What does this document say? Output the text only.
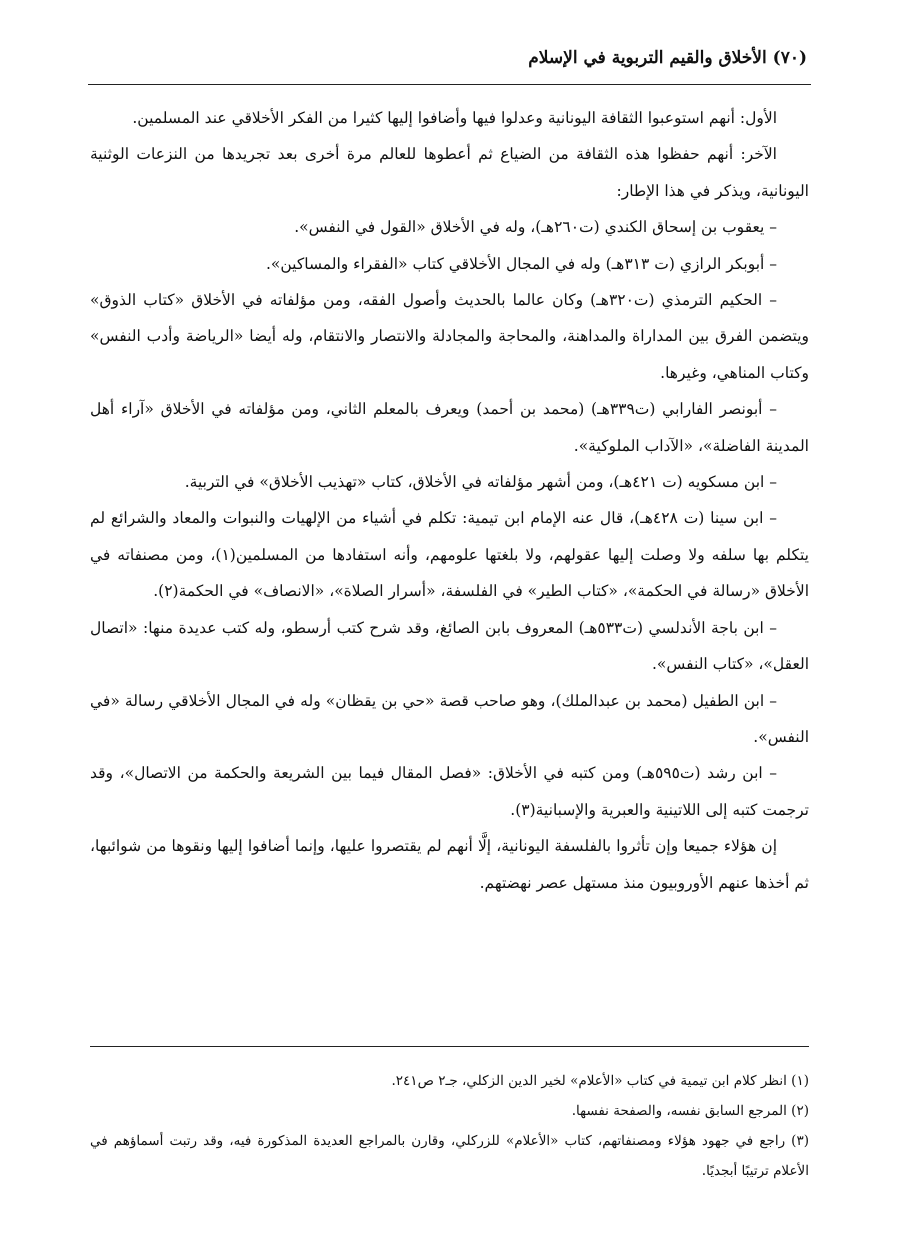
(٧٠) الأخلاق والقيم التربوية في الإسلام

الأول: أنهم استوعبوا الثقافة اليونانية وعدلوا فيها وأضافوا إليها كثيرا من الفكر الأخلاقي عند المسلمين.

الآخر: أنهم حفظوا هذه الثقافة من الضياع ثم أعطوها للعالم مرة أخرى بعد تجريدها من النزعات الوثنية اليونانية، ويذكر في هذا الإطار:

– يعقوب بن إسحاق الكندي (ت٢٦٠هـ)، وله في الأخلاق «القول في النفس».

– أبوبكر الرازي (ت ٣١٣هـ) وله في المجال الأخلاقي كتاب «الفقراء والمساكين».

– الحكيم الترمذي (ت٣٢٠هـ) وكان عالما بالحديث وأصول الفقه، ومن مؤلفاته في الأخلاق «كتاب الذوق» ويتضمن الفرق بين المداراة والمداهنة، والمحاجة والمجادلة والانتصار والانتقام، وله أيضا «الرياضة وأدب النفس» وكتاب المناهي، وغيرها.

– أبونصر الفارابي (ت٣٣٩هـ) (محمد بن أحمد) ويعرف بالمعلم الثاني، ومن مؤلفاته في الأخلاق «آراء أهل المدينة الفاضلة»، «الآداب الملوكية».

– ابن مسكويه (ت ٤٢١هـ)، ومن أشهر مؤلفاته في الأخلاق، كتاب «تهذيب الأخلاق» في التربية.

– ابن سينا (ت ٤٢٨هـ)، قال عنه الإمام ابن تيمية: تكلم في أشياء من الإلهيات والنبوات والمعاد والشرائع لم يتكلم بها سلفه ولا وصلت إليها عقولهم، ولا بلغتها علومهم، وأنه استفادها من المسلمين(١)، ومن مصنفاته في الأخلاق «رسالة في الحكمة»، «كتاب الطير» في الفلسفة، «أسرار الصلاة»، «الانصاف» في الحكمة(٢).

– ابن باجة الأندلسي (ت٥٣٣هـ) المعروف بابن الصائغ، وقد شرح كتب أرسطو، وله كتب عديدة منها: «اتصال العقل»، «كتاب النفس».

– ابن الطفيل (محمد بن عبدالملك)، وهو صاحب قصة «حي بن يقظان» وله في المجال الأخلاقي رسالة «في النفس».

– ابن رشد (ت٥٩٥هـ) ومن كتبه في الأخلاق: «فصل المقال فيما بين الشريعة والحكمة من الاتصال»، وقد ترجمت كتبه إلى اللاتينية والعبرية والإسبانية(٣).

إن هؤلاء جميعا وإن تأثروا بالفلسفة اليونانية، إلَّا أنهم لم يقتصروا عليها، وإنما أضافوا إليها ونقوها من شوائبها، ثم أخذها عنهم الأوروبيون منذ مستهل عصر نهضتهم.

(١) انظر كلام ابن تيمية في كتاب «الأعلام» لخير الدين الزكلي، جـ٢ ص٢٤١.

(٢) المرجع السابق نفسه، والصفحة نفسها.

(٣) راجع في جهود هؤلاء ومصنفاتهم، كتاب «الأعلام» للزركلي، وقارن بالمراجع العديدة المذكورة فيه، وقد رتبت أسماؤهم في الأعلام ترتيبًا أبجديًا.
